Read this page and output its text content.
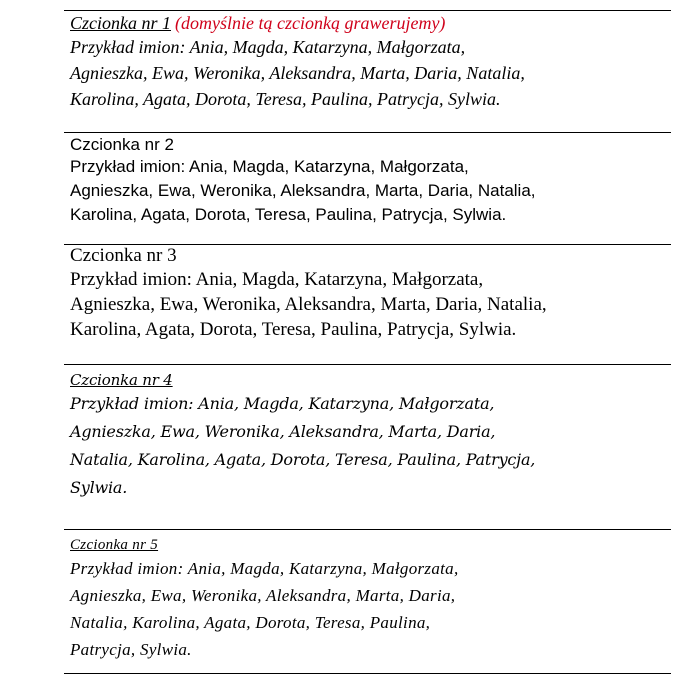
Czcionka nr 1 (domyślnie tą czcionką grawerujemy)
Przykład imion: Ania, Magda, Katarzyna, Małgorzata,
Agnieszka, Ewa, Weronika, Aleksandra, Marta, Daria, Natalia,
Karolina, Agata, Dorota, Teresa, Paulina, Patrycja, Sylwia.
Czcionka nr 2
Przykład imion: Ania, Magda, Katarzyna, Małgorzata,
Agnieszka, Ewa, Weronika, Aleksandra, Marta, Daria, Natalia,
Karolina, Agata, Dorota, Teresa, Paulina, Patrycja, Sylwia.
Czcionka nr 3
Przykład imion: Ania, Magda, Katarzyna, Małgorzata,
Agnieszka, Ewa, Weronika, Aleksandra, Marta, Daria, Natalia,
Karolina, Agata, Dorota, Teresa, Paulina, Patrycja, Sylwia.
Czcionka nr 4
Przykład imion: Ania, Magda, Katarzyna, Małgorzata,
Agnieszka, Ewa, Weronika, Aleksandra, Marta, Daria,
Natalia, Karolina, Agata, Dorota, Teresa, Paulina, Patrycja,
Sylwia.
Czcionka nr 5
Przykład imion: Ania, Magda, Katarzyna, Małgorzata,
Agnieszka, Ewa, Weronika, Aleksandra, Marta, Daria,
Natalia, Karolina, Agata, Dorota, Teresa, Paulina,
Patrycja, Sylwia.
